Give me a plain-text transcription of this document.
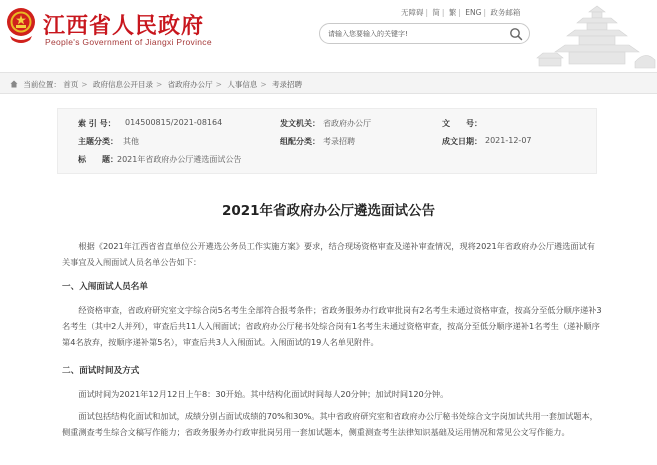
江西省人民政府
People's Government of Jiangxi Province
无障碍 | 简 | 繁 | ENG | 政务邮箱
请输入您要输入的关键字!
当前位置： 首页 > 政府信息公开目录 > 省政府办公厅 > 人事信息 > 考录招聘
索 引 号： 014500815/2021-08164	发文机关： 省政府办公厅	文　　号：
主题分类： 其他	组配分类： 考录招聘	成文日期： 2021-12-07
标　　题： 2021年省政府办公厅遴选面试公告
2021年省政府办公厅遴选面试公告
根据《2021年江西省省直单位公开遴选公务员工作实施方案》要求，结合现场资格审查及递补审查情况，现将2021年省政府办公厅遴选面试有关事宜及入闱面试人员名单公告如下：
一、入闱面试人员名单
经资格审查，省政府研究室文字综合岗5名考生全部符合报考条件；省政务服务办行政审批岗有2名考生未通过资格审查，按高分至低分顺序递补3名考生（其中2人并列），审查后共11人入闱面试；省政府办公厅秘书处综合岗有1名考生未通过资格审查，按高分至低分顺序递补1名考生（递补顺序第4名放弃，按顺序递补第5名），审查后共3人入闱面试。入闱面试的19人名单见附件。
二、面试时间及方式
面试时间为2021年12月12日上午8：30开始。其中结构化面试时间每人20分钟；加试时间120分钟。
面试包括结构化面试和加试，成绩分别占面试成绩的70%和30%。其中省政府研究室和省政府办公厅秘书处综合文字岗加试共用一套加试题本，侧重测查考生综合文稿写作能力；省政务服务办行政审批岗另用一套加试题本，侧重测查考生法律知识基础及运用情况和常见公文写作能力。
